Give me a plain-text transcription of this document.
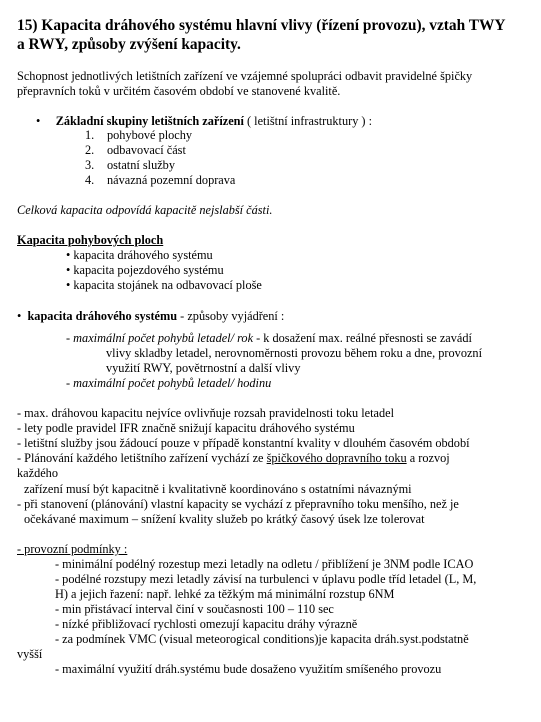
15) Kapacita dráhového systému hlavní vlivy (řízení provozu), vztah TWY
a RWY, způsoby zvýšení kapacity.
Schopnost jednotlivých letištních zařízení ve vzájemné spolupráci odbavit pravidelné špičky
přepravních toků v určitém časovém období ve stanovené kvalitě.
• Základní skupiny letištních zařízení ( letištní infrastruktury ) :
1. pohybové plochy
2. odbavovací část
3. ostatní služby
4. návazná pozemní doprava
Celková kapacita odpovídá kapacitě nejslabší části.
Kapacita pohybových ploch
• kapacita dráhového systému
• kapacita pojezdového systému
• kapacita stojánek na odbavovací ploše
• kapacita dráhového systému - způsoby vyjádření :
- maximální počet pohybů letadel/ rok - k dosažení max. reálné přesnosti se zavádí
vlivy skladby letadel, nerovnoměrnosti provozu během roku a dne, provozní
využití RWY, povětrnostní a další vlivy
- maximální počet pohybů letadel/ hodinu
- max. dráhovou kapacitu nejvíce ovlivňuje rozsah pravidelnosti toku letadel
- lety podle pravidel IFR značně snižují kapacitu dráhového systému
- letištní služby jsou žádoucí pouze v případě konstantní kvality v dlouhém časovém období
- Plánování každého letištního zařízení vychází ze špičkového dopravního toku a rozvoj
každého
zařízení musí být kapacitně i kvalitativně koordinováno s ostatními návaznými
- při stanovení (plánování) vlastní kapacity se vychází z přepravního toku menšího, než je
očekávané maximum – snížení kvality služeb po krátký časový úsek lze tolerovat
- provozní podmínky :
- minimální podélný rozestup mezi letadly na odletu / přiblížení je 3NM podle ICAO
- podélné rozstupy mezi letadly závisí na turbulenci v úplavu podle tříd letadel (L, M,
H) a jejich řazení: např. lehké za těžkým má minimální rozstup 6NM
- min přistávací interval činí v současnosti 100 – 110 sec
- nízké přibližovací rychlosti omezují kapacitu dráhy výrazně
- za podmínek VMC (visual meteorogical conditions)je kapacita dráh.syst.podstatně
vyšší
- maximální využití dráh.systému bude dosaženo využitím smíšeného provozu
